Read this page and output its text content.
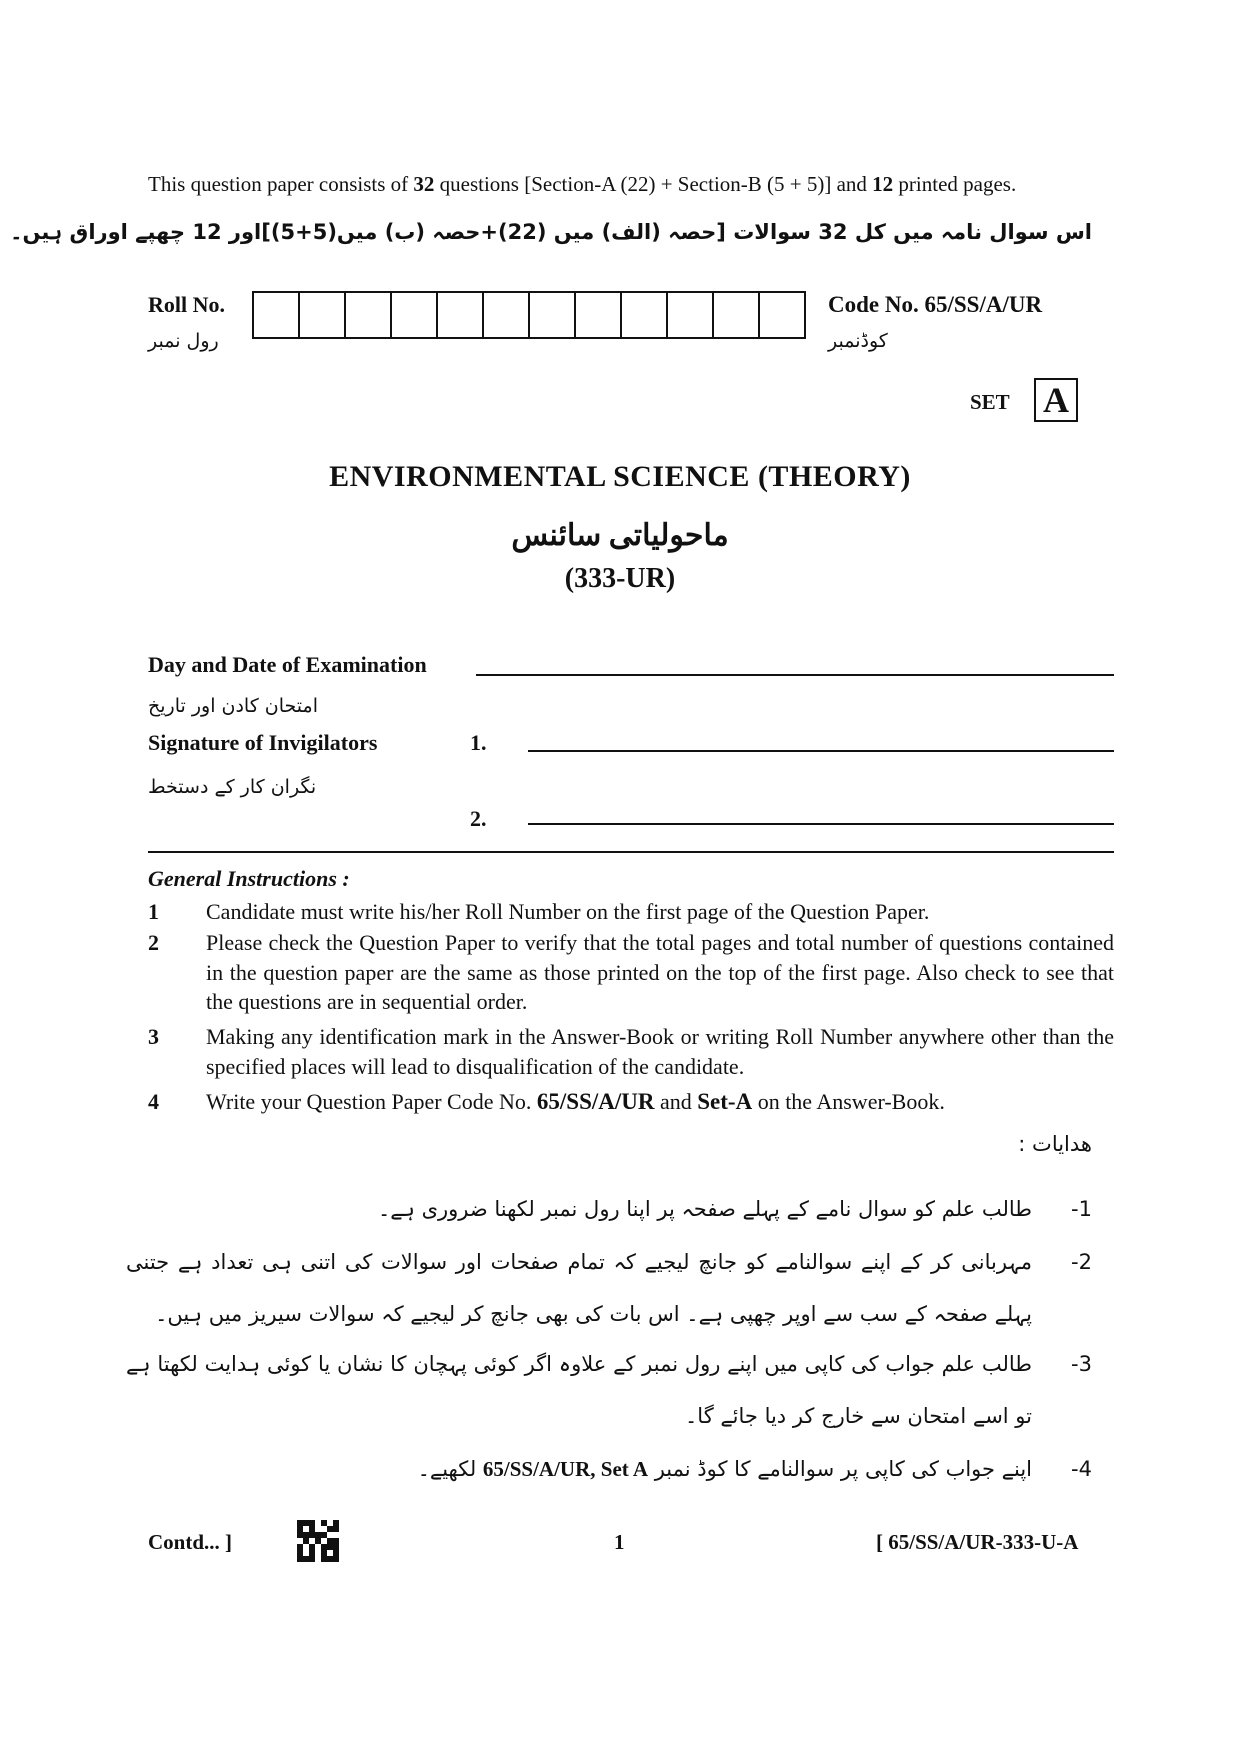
This question paper consists of 32 questions [Section-A (22) + Section-B (5 + 5)] and 12 printed pages.
اس سوال نامہ میں کل 32 سوالات [حصہ (الف) میں (22)+حصہ (ب) میں(5+5)]اور 12 چھپے اوراق ہیں۔
Roll No.
رول نمبر
Code No. 65/SS/A/UR
کوڈنمبر
SET A
ENVIRONMENTAL SCIENCE (THEORY)
ماحولیاتی سائنس
(333-UR)
Day and Date of Examination
امتحان کادن اور تاریخ
Signature of Invigilators	1.
نگران کار کے دستخط
2.
General Instructions :
1 Candidate must write his/her Roll Number on the first page of the Question Paper.
2 Please check the Question Paper to verify that the total pages and total number of questions contained in the question paper are the same as those printed on the top of the first page. Also check to see that the questions are in sequential order.
3 Making any identification mark in the Answer-Book or writing Roll Number anywhere other than the specified places will lead to disqualification of the candidate.
4 Write your Question Paper Code No. 65/SS/A/UR and Set-A on the Answer-Book.
ھدایات :
-1
طالب علم کو سوال نامے کے پہلے صفحہ پر اپنا رول نمبر لکھنا ضروری ہے۔
-2
مہربانی کر کے اپنے سوالنامے کو جانچ لیجیے کہ تمام صفحات اور سوالات کی اتنی ہی تعداد ہے جتنی پہلے صفحہ کے سب سے اوپر چھپی ہے۔ اس بات کی بھی جانچ کر لیجیے کہ سوالات سیریز میں ہیں۔
-3
طالب علم جواب کی کاپی میں اپنے رول نمبر کے علاوہ اگر کوئی پہچان کا نشان یا کوئی ہدایت لکھتا ہے تو اسے امتحان سے خارج کر دیا جائے گا۔
-4
اپنے جواب کی کاپی پر سوالنامے کا کوڈ نمبر 65/SS/A/UR, Set A لکھیے۔
Contd... ]	1	[ 65/SS/A/UR-333-U-A
